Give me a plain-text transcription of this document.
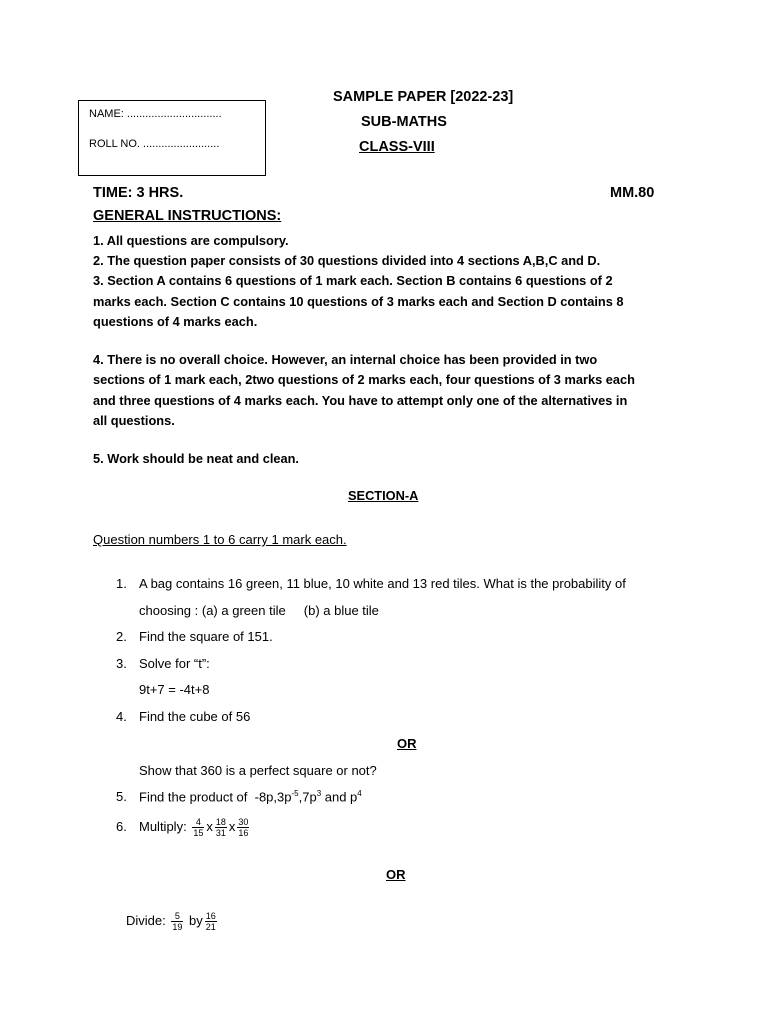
NAME: ...............................
ROLL NO. .........................
SAMPLE PAPER [2022-23]
SUB-MATHS
CLASS-VIII
TIME: 3 HRS.	MM.80
GENERAL INSTRUCTIONS:
1. All questions are compulsory.
2. The question paper consists of 30 questions divided into 4 sections A,B,C and D.
3. Section A contains 6 questions of 1 mark each. Section B contains 6 questions of 2
marks each. Section C contains 10 questions of 3 marks each and Section D contains 8
questions of 4 marks each.
4. There is no overall choice. However, an internal choice has been provided in two
sections of 1 mark each, 2two questions of 2 marks each, four questions of 3 marks each
and three questions of 4 marks each. You have to attempt only one of the alternatives in
all questions.
5. Work should be neat and clean.
SECTION-A
Question numbers 1 to 6 carry 1 mark each.
1. A bag contains 16 green, 11 blue, 10 white and 13 red tiles. What is the probability of
choosing : (a) a green tile     (b) a blue tile
2. Find the square of 151.
3. Solve for “t”:
9t+7 = -4t+8
4. Find the cube of 56
OR
Show that 360 is a perfect square or not?
5. Find the product of  $-8p,3p^{-5},7p^3$ and $p^4$
6. Multiply: $\frac{4}{15}$ x $\frac{18}{31}$ x $\frac{30}{16}$
OR
Divide: $\frac{5}{19}$ by $\frac{16}{21}$
